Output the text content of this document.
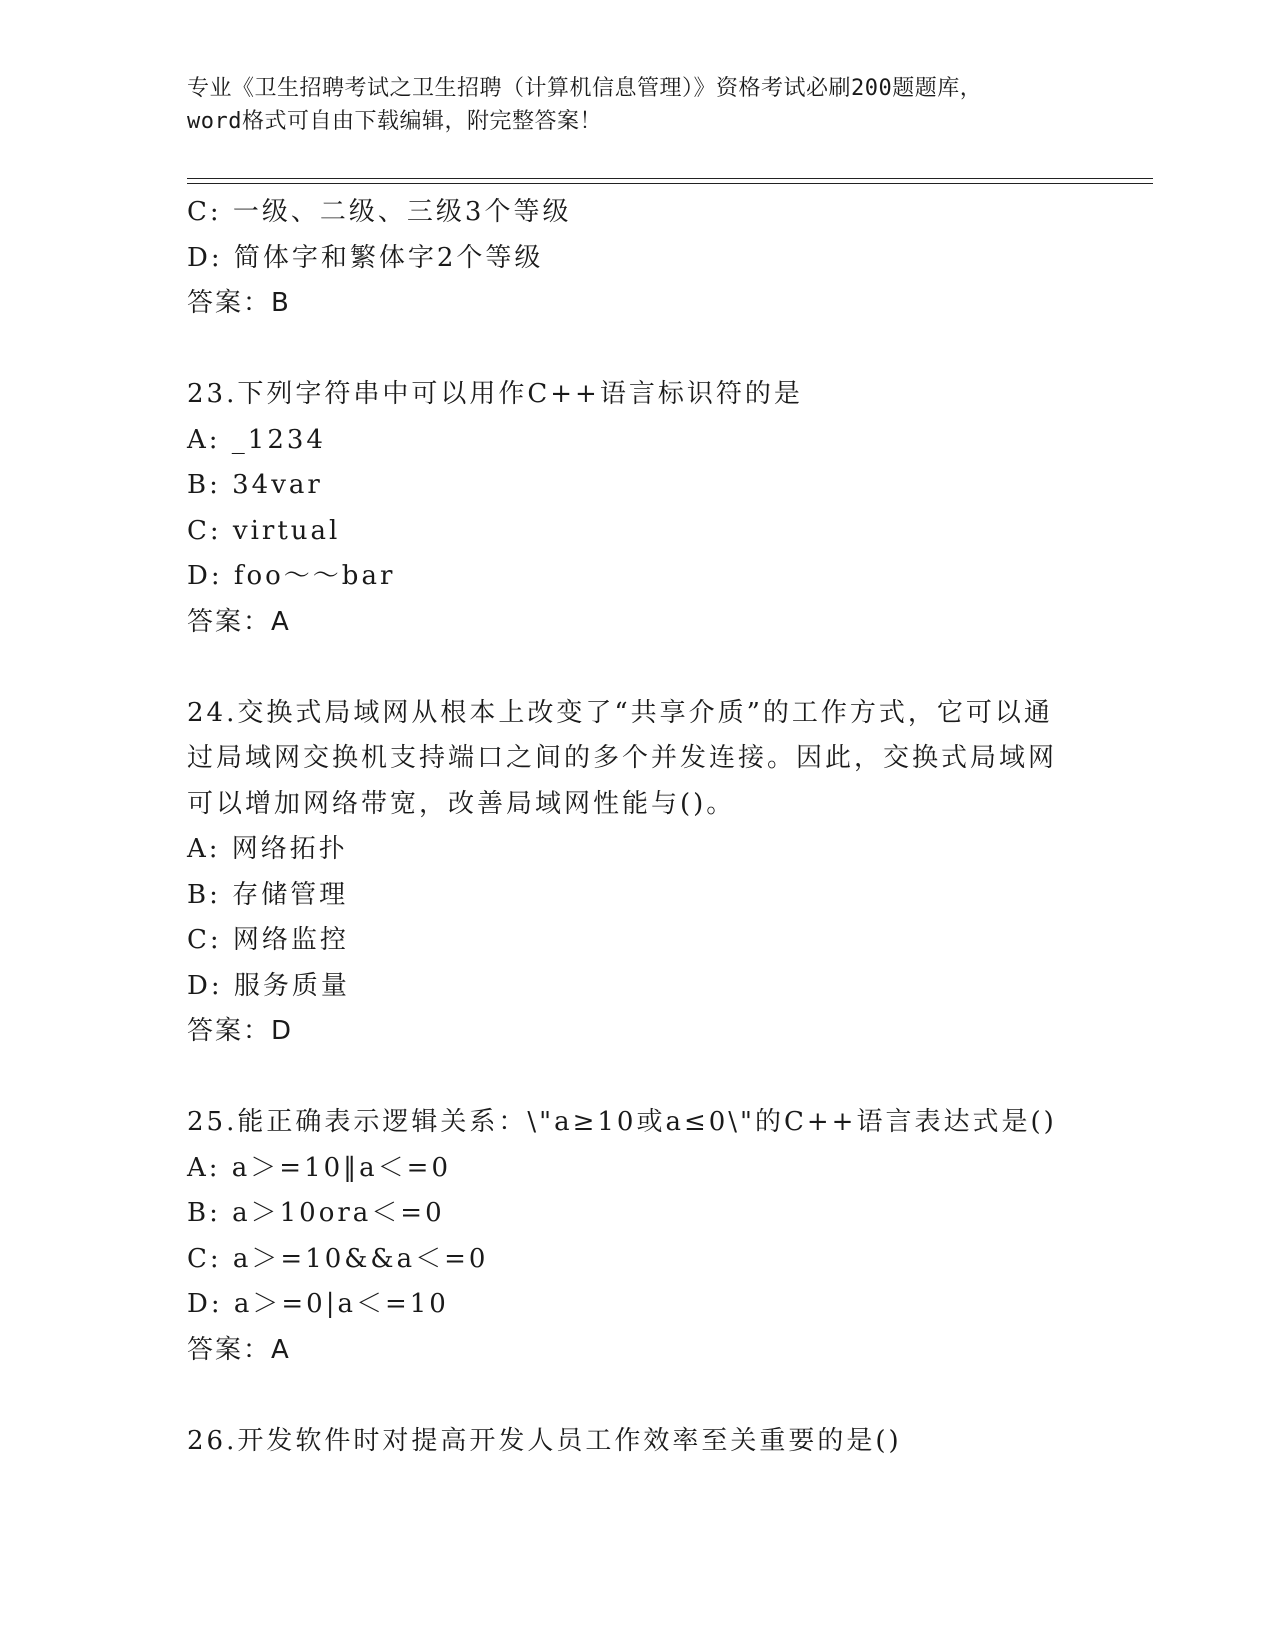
专业《卫生招聘考试之卫生招聘（计算机信息管理）》资格考试必刷200题题库，
word格式可自由下载编辑，附完整答案！
C: 一级、二级、三级3个等级
D: 简体字和繁体字2个等级
答案：B
23.下列字符串中可以用作C++语言标识符的是
A: _1234
B: 34var
C: virtual
D: foo～～bar
答案：A
24.交换式局域网从根本上改变了“共享介质”的工作方式，它可以通
过局域网交换机支持端口之间的多个并发连接。因此，交换式局域网
可以增加网络带宽，改善局域网性能与()。
A: 网络拓扑
B: 存储管理
C: 网络监控
D: 服务质量
答案：D
25.能正确表示逻辑关系：\"a≥10或a≤0\"的C++语言表达式是()
A: a＞=10‖a＜=0
B: a＞10ora＜=0
C: a＞=10&&a＜=0
D: a＞=0|a＜=10
答案：A
26.开发软件时对提高开发人员工作效率至关重要的是()
